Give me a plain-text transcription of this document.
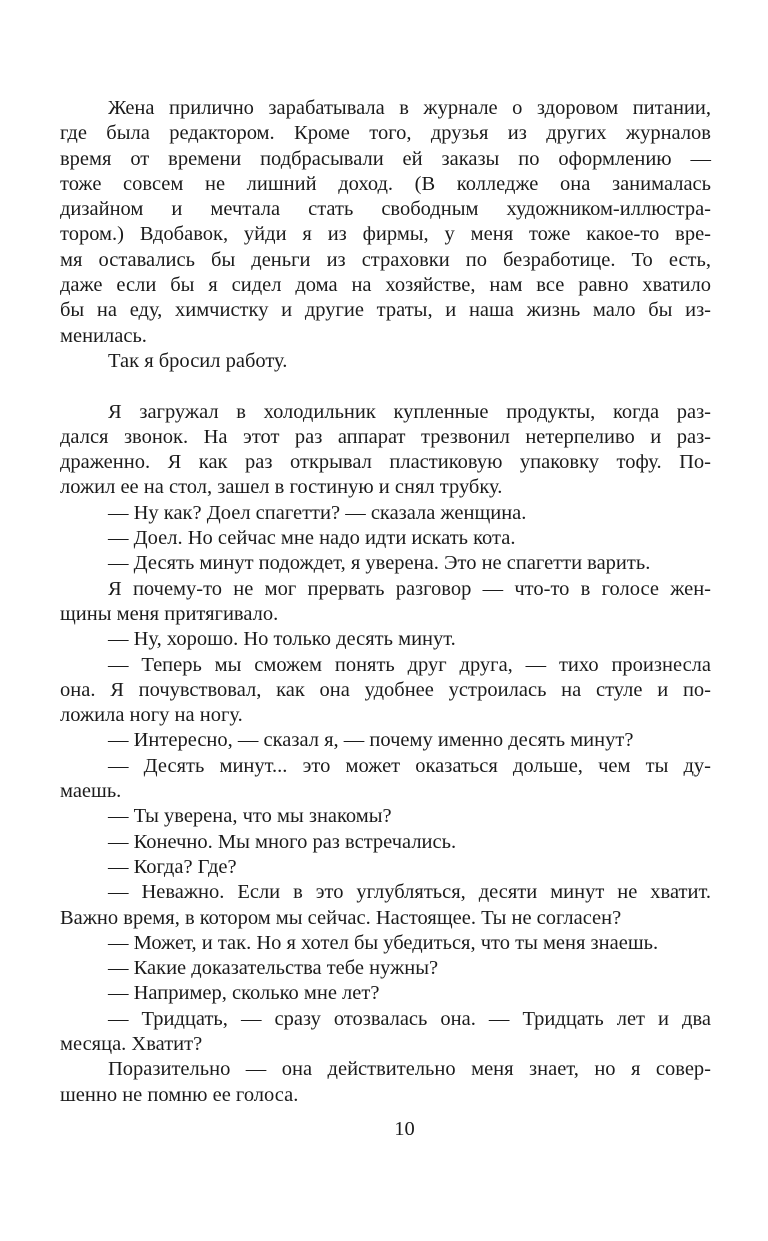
Жена прилично зарабатывала в журнале о здоровом питании,
где была редактором. Кроме того, друзья из других журналов
время от времени подбрасывали ей заказы по оформлению —
тоже совсем не лишний доход. (В колледже она занималась
дизайном и мечтала стать свободным художником-иллюстра-
тором.) Вдобавок, уйди я из фирмы, у меня тоже какое-то вре-
мя оставались бы деньги из страховки по безработице. То есть,
даже если бы я сидел дома на хозяйстве, нам все равно хватило
бы на еду, химчистку и другие траты, и наша жизнь мало бы из-
менилась.
Так я бросил работу.
Я загружал в холодильник купленные продукты, когда раз-
дался звонок. На этот раз аппарат трезвонил нетерпеливо и раз-
драженно. Я как раз открывал пластиковую упаковку тофу. По-
ложил ее на стол, зашел в гостиную и снял трубку.
— Ну как? Доел спагетти? — сказала женщина.
— Доел. Но сейчас мне надо идти искать кота.
— Десять минут подождет, я уверена. Это не спагетти варить.
Я почему-то не мог прервать разговор — что-то в голосе жен-
щины меня притягивало.
— Ну, хорошо. Но только десять минут.
— Теперь мы сможем понять друг друга, — тихо произнесла
она. Я почувствовал, как она удобнее устроилась на стуле и по-
ложила ногу на ногу.
— Интересно, — сказал я, — почему именно десять минут?
— Десять минут... это может оказаться дольше, чем ты ду-
маешь.
— Ты уверена, что мы знакомы?
— Конечно. Мы много раз встречались.
— Когда? Где?
— Неважно. Если в это углубляться, десяти минут не хватит.
Важно время, в котором мы сейчас. Настоящее. Ты не согласен?
— Может, и так. Но я хотел бы убедиться, что ты меня знаешь.
— Какие доказательства тебе нужны?
— Например, сколько мне лет?
— Тридцать, — сразу отозвалась она. — Тридцать лет и два
месяца. Хватит?
Поразительно — она действительно меня знает, но я совер-
шенно не помню ее голоса.
10
